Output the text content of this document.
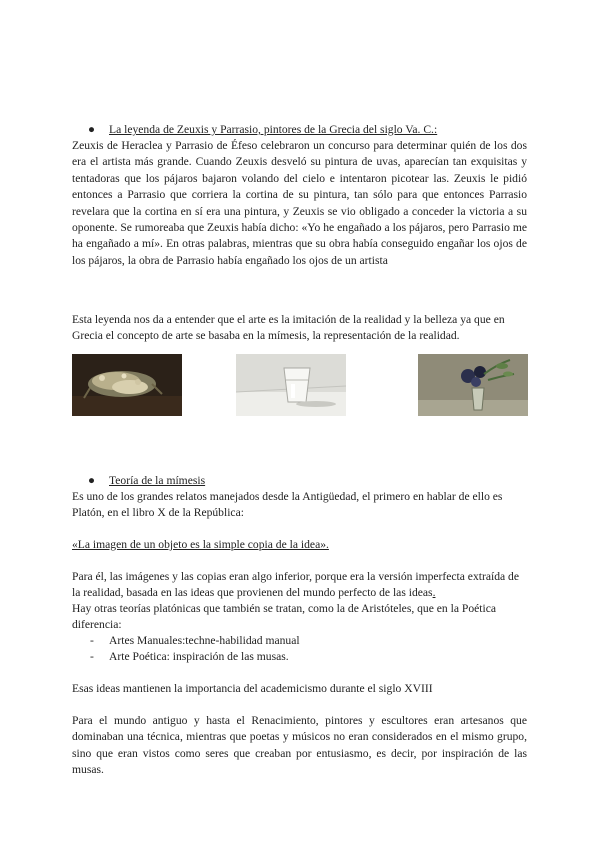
● La leyenda de Zeuxis y Parrasio, pintores de la Grecia del siglo Va. C.:
Zeuxis de Heraclea y Parrasio de Éfeso celebraron un concurso para determinar quién de los dos era el artista más grande. Cuando Zeuxis desveló su pintura de uvas, aparecían tan exquisitas y tentadoras que los pájaros bajaron volando del cielo e intentaron picotear las. Zeuxis le pidió entonces a Parrasio que corriera la cortina de su pintura, tan sólo para que entonces Parrasio revelara que la cortina en sí era una pintura, y Zeuxis se vio obligado a conceder la victoria a su oponente. Se rumoreaba que Zeuxis había dicho: «Yo he engañado a los pájaros, pero Parrasio me ha engañado a mí». En otras palabras, mientras que su obra había conseguido engañar los ojos de los pájaros, la obra de Parrasio había engañado los ojos de un artista
Esta leyenda nos da a entender que el arte es la imitación de la realidad y la belleza ya que en Grecia el concepto de arte se basaba en la mímesis, la representación de la realidad.
● Teoría de la mímesis
Es uno de los grandes relatos manejados desde la Antigüedad, el primero en hablar de ello es Platón, en el libro X de la República:
«La imagen de un objeto es la simple copia de la idea».
Para él, las imágenes y las copias eran algo inferior, porque era la versión imperfecta extraída de la realidad, basada en las ideas que provienen del mundo perfecto de las ideas.
Hay otras teorías platónicas que también se tratan, como la de Aristóteles, que en la Poética diferencia:
- Artes Manuales:techne-habilidad manual
- Arte Poética: inspiración de las musas.
Esas ideas mantienen la importancia del academicismo durante el siglo XVIII
Para el mundo antiguo y hasta el Renacimiento, pintores y escultores eran artesanos que dominaban una técnica, mientras que poetas y músicos no eran considerados en el mismo grupo, sino que eran vistos como seres que creaban por entusiasmo, es decir, por inspiración de las musas.
